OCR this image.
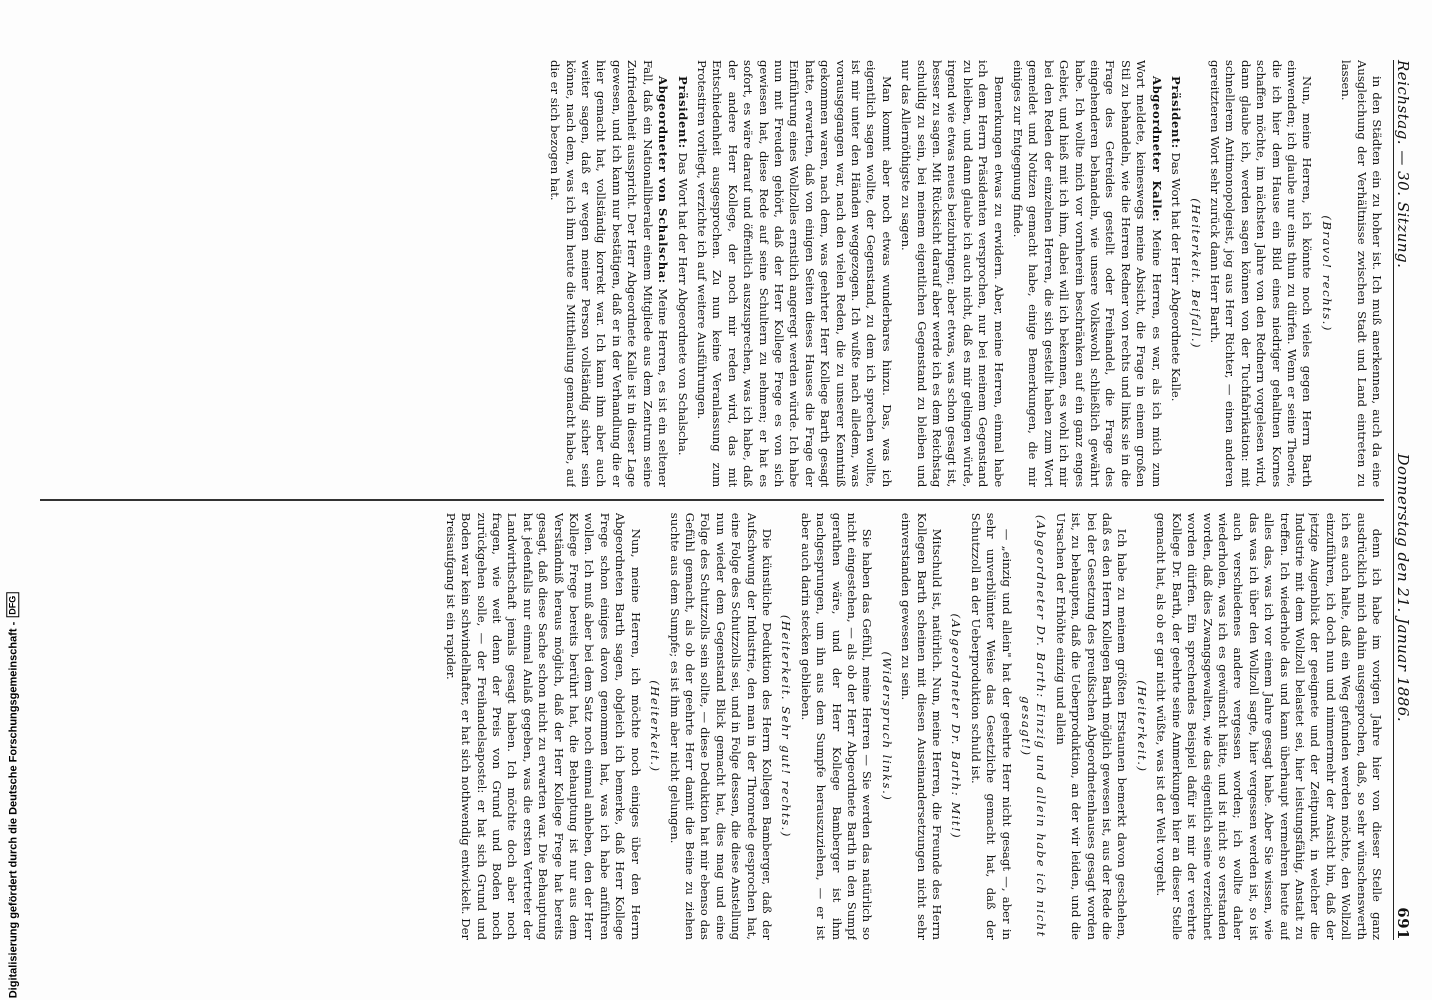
Reichstag. — 30. Sitzung.
Donnerstag den 21. Januar 1886.
691

in den Städten ein zu hoher ist. Ich muß anerkennen, auch da eine Ausgleichung der Verhältnisse zwischen Stadt und Land eintreten zu lassen.

(Bravo! rechts.)

Nun, meine Herren, ich könnte noch vieles gegen Herrn Barth einwenden; ich glaube nur eins thun zu dürfen. Wenn er seine Theorie, die ich hier dem Hause ein Bild eines niedriger gehaltnen Kornes schaffen möchte, im nächsten Jahre von den Rednern vorgelesen wird, dann glaube ich, werden sagen können von der Tuchfabrikation: mit schnellerem Antimonopolgeist, jog aus Herr Richter, — einen anderen gereitzteren Wort sehr zurück dann Herr Barth.

(Heiterkeit. Beifall.)

Präsident: Das Wort hat der Herr Abgeordnete Kalle.

Abgeordneter Kalle: Meine Herren, es war, als ich mich zum Wort meldete, keineswegs meine Absicht, die Frage in einem großen Stil zu behandeln, wie die Herren Redner von rechts und links sie in die Frage des Getreides gestellt oder Freihandel, die Frage des eingehenderen behandeln, wie unsere Volkswohl schließlich gewährt habe. Ich wollte mich vor vornherein beschränken auf ein ganz enges Gebiet, und hieß mit ich ihm, dabei will ich bekennen, es wohl ich mir bei den Reden der einzelnen Herren, die sich gestellt haben zum Wort gemeldet und Notizen gemacht habe, einige Bemerkungen, die mir einiges zur Entgegnung finde.

Bemerkungen etwas zu erwidern. Aber, meine Herren, einmal habe ich dem Herrn Präsidenten versprochen, nur bei meinem Gegenstand zu bleiben, und dann glaube ich auch nicht, daß es mir gelingen würde, irgend wie etwas neues beizubringen; aber etwas, was schon gesagt ist, besser zu sagen. Mit Rücksicht darauf aber werde ich es dem Reichstag schuldig zu sein, bei meinem eigentlichen Gegenstand zu bleiben und nur das Allernöthigste zu sagen.

Man kommt aber noch etwas wunderbares hinzu. Das, was ich eigentlich sagen wollte, der Gegenstand, zu dem ich sprechen wollte, ist mir unter den Händen weggezogen. Ich wußte nach alledem, was vorausgegangen war, nach den vielen Reden, die zu unserer Kenntniß gekommen waren, nach dem, was geehrter Herr Kollege Barth gesagt hatte, erwarten, daß von einigen Seiten dieses Hauses die Frage der Einführung eines Wollzolles ernstlich angeregt werden würde. Ich habe nun mit Freuden gehört, daß der Herr Kollege Frege es von sich gewiesen hat, diese Rede auf seine Schultern zu nehmen; er hat es sofort, es wäre darauf und öffentlich auszusprechen, was ich habe, daß der andere Herr Kollege, der noch mir reden wird, das mit Entschiedenheit ausgesprochen. Zu nun keine Veranlassung zum Protestiren vorliegt, verzichte ich auf weitere Ausführungen.

Präsident: Das Wort hat der Herr Abgeordnete von Schalscha.

Abgeordneter von Schalscha: Meine Herren, es ist ein seltener Fall, daß ein Nationalliberaler einem Mitgliede aus dem Zentrum seine Zufriedenheit ausspricht. Der Herr Abgeordnete Kalle ist in dieser Lage gewesen, und ich kann nur bestätigen, daß er in der Verhandlung die er hier gemacht hat, vollständig korrekt war. Ich kann ihm aber auch weiter sagen, daß er wegen meiner Person vollständig sicher sein könne, nach dem, was ich ihm heute die Mittheilung gemacht habe, auf die er sich bezogen hat.

denn ich habe im vorigen Jahre hier von dieser Stelle ganz ausdrücklich mich dahin ausgesprochen, daß, so sehr wünschenswerth ich es auch halte, daß ein Weg gefunden werden möchte, den Wollzoll einzuführen, ich doch nun und nimmermehr der Ansicht bin, daß der jetzige Augenblick der geeignete und der Zeitpunkt, in welcher die Industrie mit dem Wollzoll belastet sei, hier leistungsfähig, Anstalt zu treffen. Ich wiederhole das und kann überhaupt vermehren heute auf alles das, was ich vor einem Jahre gesagt habe. Aber Sie wissen, wie das was ich über den Wollzoll sagte, hier vergessen werden ist, so ist auch verschiedenes andere vergessen worden; ich wollte daher wiederholen, was ich es gewünscht hätte, und ist nicht so verstanden worden, daß dies Zwangsgewalten, wie das eigentlich seine verzeichnet worden dürfen. Ein sprechendes Beispiel dafür ist mir der verehrte Kollege Dr. Barth, der geehrte seine Anmerkungen hier an dieser Stelle gemacht hat, als ob er gar nicht wüßte, was ist der Welt vorgeht.

(Heiterkeit.)

Ich habe zu meinem größten Erstaunen bemerkt davon geschehen, daß es den Herrn Kollegen Barth möglich gewesen ist, aus der Rede die bei der Gesetzung des preußischen Abgeordnetenhauses gesagt worden ist, zu behaupten, daß die Ueberproduktion, an der wir leiden, und die Ursachen der Erhöhte einzig und allein

(Abgeordneter Dr. Barth: Einzig und allein habe ich nicht gesagt!)

— „einzig und allein" hat der geehrte Herr nicht gesagt —, aber in sehr unverblümter Weise das Gesetzliche gemacht hat, daß der Schutzzoll an der Ueberproduktion schuld ist.

(Abgeordneter Dr. Barth: Mit!)

Mitschuld ist, natürlich. Nun, meine Herren, die Freunde des Herrn Kollegen Barth scheinen mit diesen Auseinandersetzungen nicht sehr einverstanden gewesen zu sein.

(Widerspruch links.)

Sie haben das Gefühl, meine Herren — Sie werden das natürlich so nicht eingestehen, — als ob der Herr Abgeordnete Barth in den Sumpf gerathen wäre, und der Herr Kollege Bamberger ist ihm nachgesprungen, um ihn aus dem Sumpfe herauszuziehen, — er ist aber auch darin stecken geblieben.

(Heiterkeit. Sehr gut! rechts.)

Die künstliche Deduktion des Herrn Kollegen Bamberger, daß der Aufschwung der Industrie, den man in der Thronrede gesprochen hat, eine Folge des Schutzzolls sei, und in Folge dessen, die diese Anstellung nun wieder dem Gegenstand Blick gemacht hat, dies mag und eine Folge des Schutzzolls sein sollte, — diese Deduktion hat mir ebenso das Gefühl gemacht, als ob der geehrte Herr damit die Beine zu ziehen suchte aus dem Sumpfe; es ist ihm aber nicht gelungen.

(Heiterkeit.)

Nun, meine Herren, ich möchte noch einiges über den Herrn Abgeordneten Barth sagen, obgleich ich bemerke, daß Herr Kollege Frege schon einiges davon genommen hat, was ich habe anführen wollen. Ich muß aber bei dem Satz noch einmal anheben, den der Herr Kollege Frege bereits berührt hat, die Behauptung ist nur aus dem Verständniß heraus möglich, daß der Herr Kollege Frege hat bereits gesagt, daß diese Sache schon nicht zu erwarten war. Die Behauptung hat jedenfalls nur einmal Anlaß gegeben, was die ersten Vertreter der Landwirthschaft jemals gesagt haben. Ich möchte doch aber noch fragen, wie weit denn der Preis von Grund und Boden noch zurückgehen solle, — der Freihandelsapostel: er hat sich Grund und Boden war kein schwindelhafter, er hat sich nothwendig entwickelt. Der Preisaufgang ist ein rapider.

Digitalisierung gefördert durch die Deutsche Forschungsgemeinschaft -
DFG
